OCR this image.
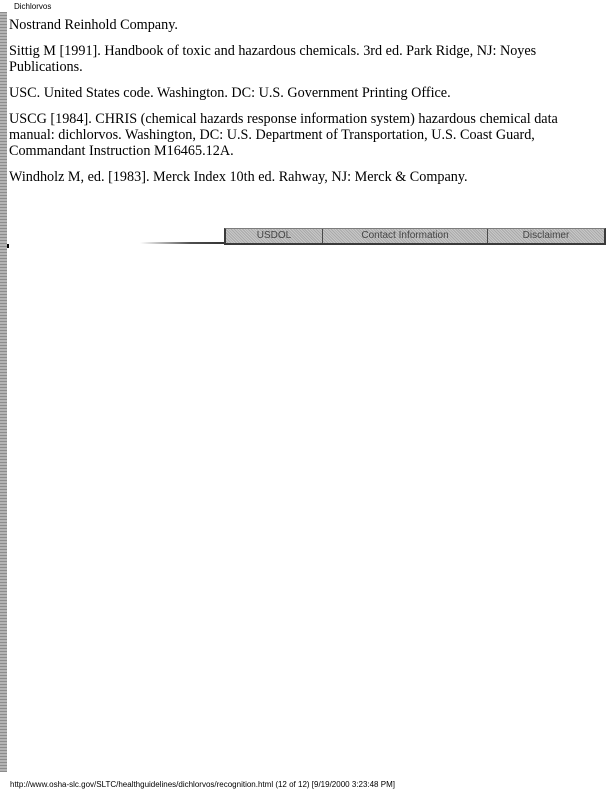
Dichlorvos

Nostrand Reinhold Company.

Sittig M [1991]. Handbook of toxic and hazardous chemicals. 3rd ed. Park Ridge, NJ: Noyes Publications.

USC. United States code. Washington. DC: U.S. Government Printing Office.

USCG [1984]. CHRIS (chemical hazards response information system) hazardous chemical data manual: dichlorvos. Washington, DC: U.S. Department of Transportation, U.S. Coast Guard, Commandant Instruction M16465.12A.

Windholz M, ed. [1983]. Merck Index 10th ed. Rahway, NJ: Merck & Company.

USDOL	Contact Information	Disclaimer
http://www.osha-slc.gov/SLTC/healthguidelines/dichlorvos/recognition.html (12 of 12) [9/19/2000 3:23:48 PM]
